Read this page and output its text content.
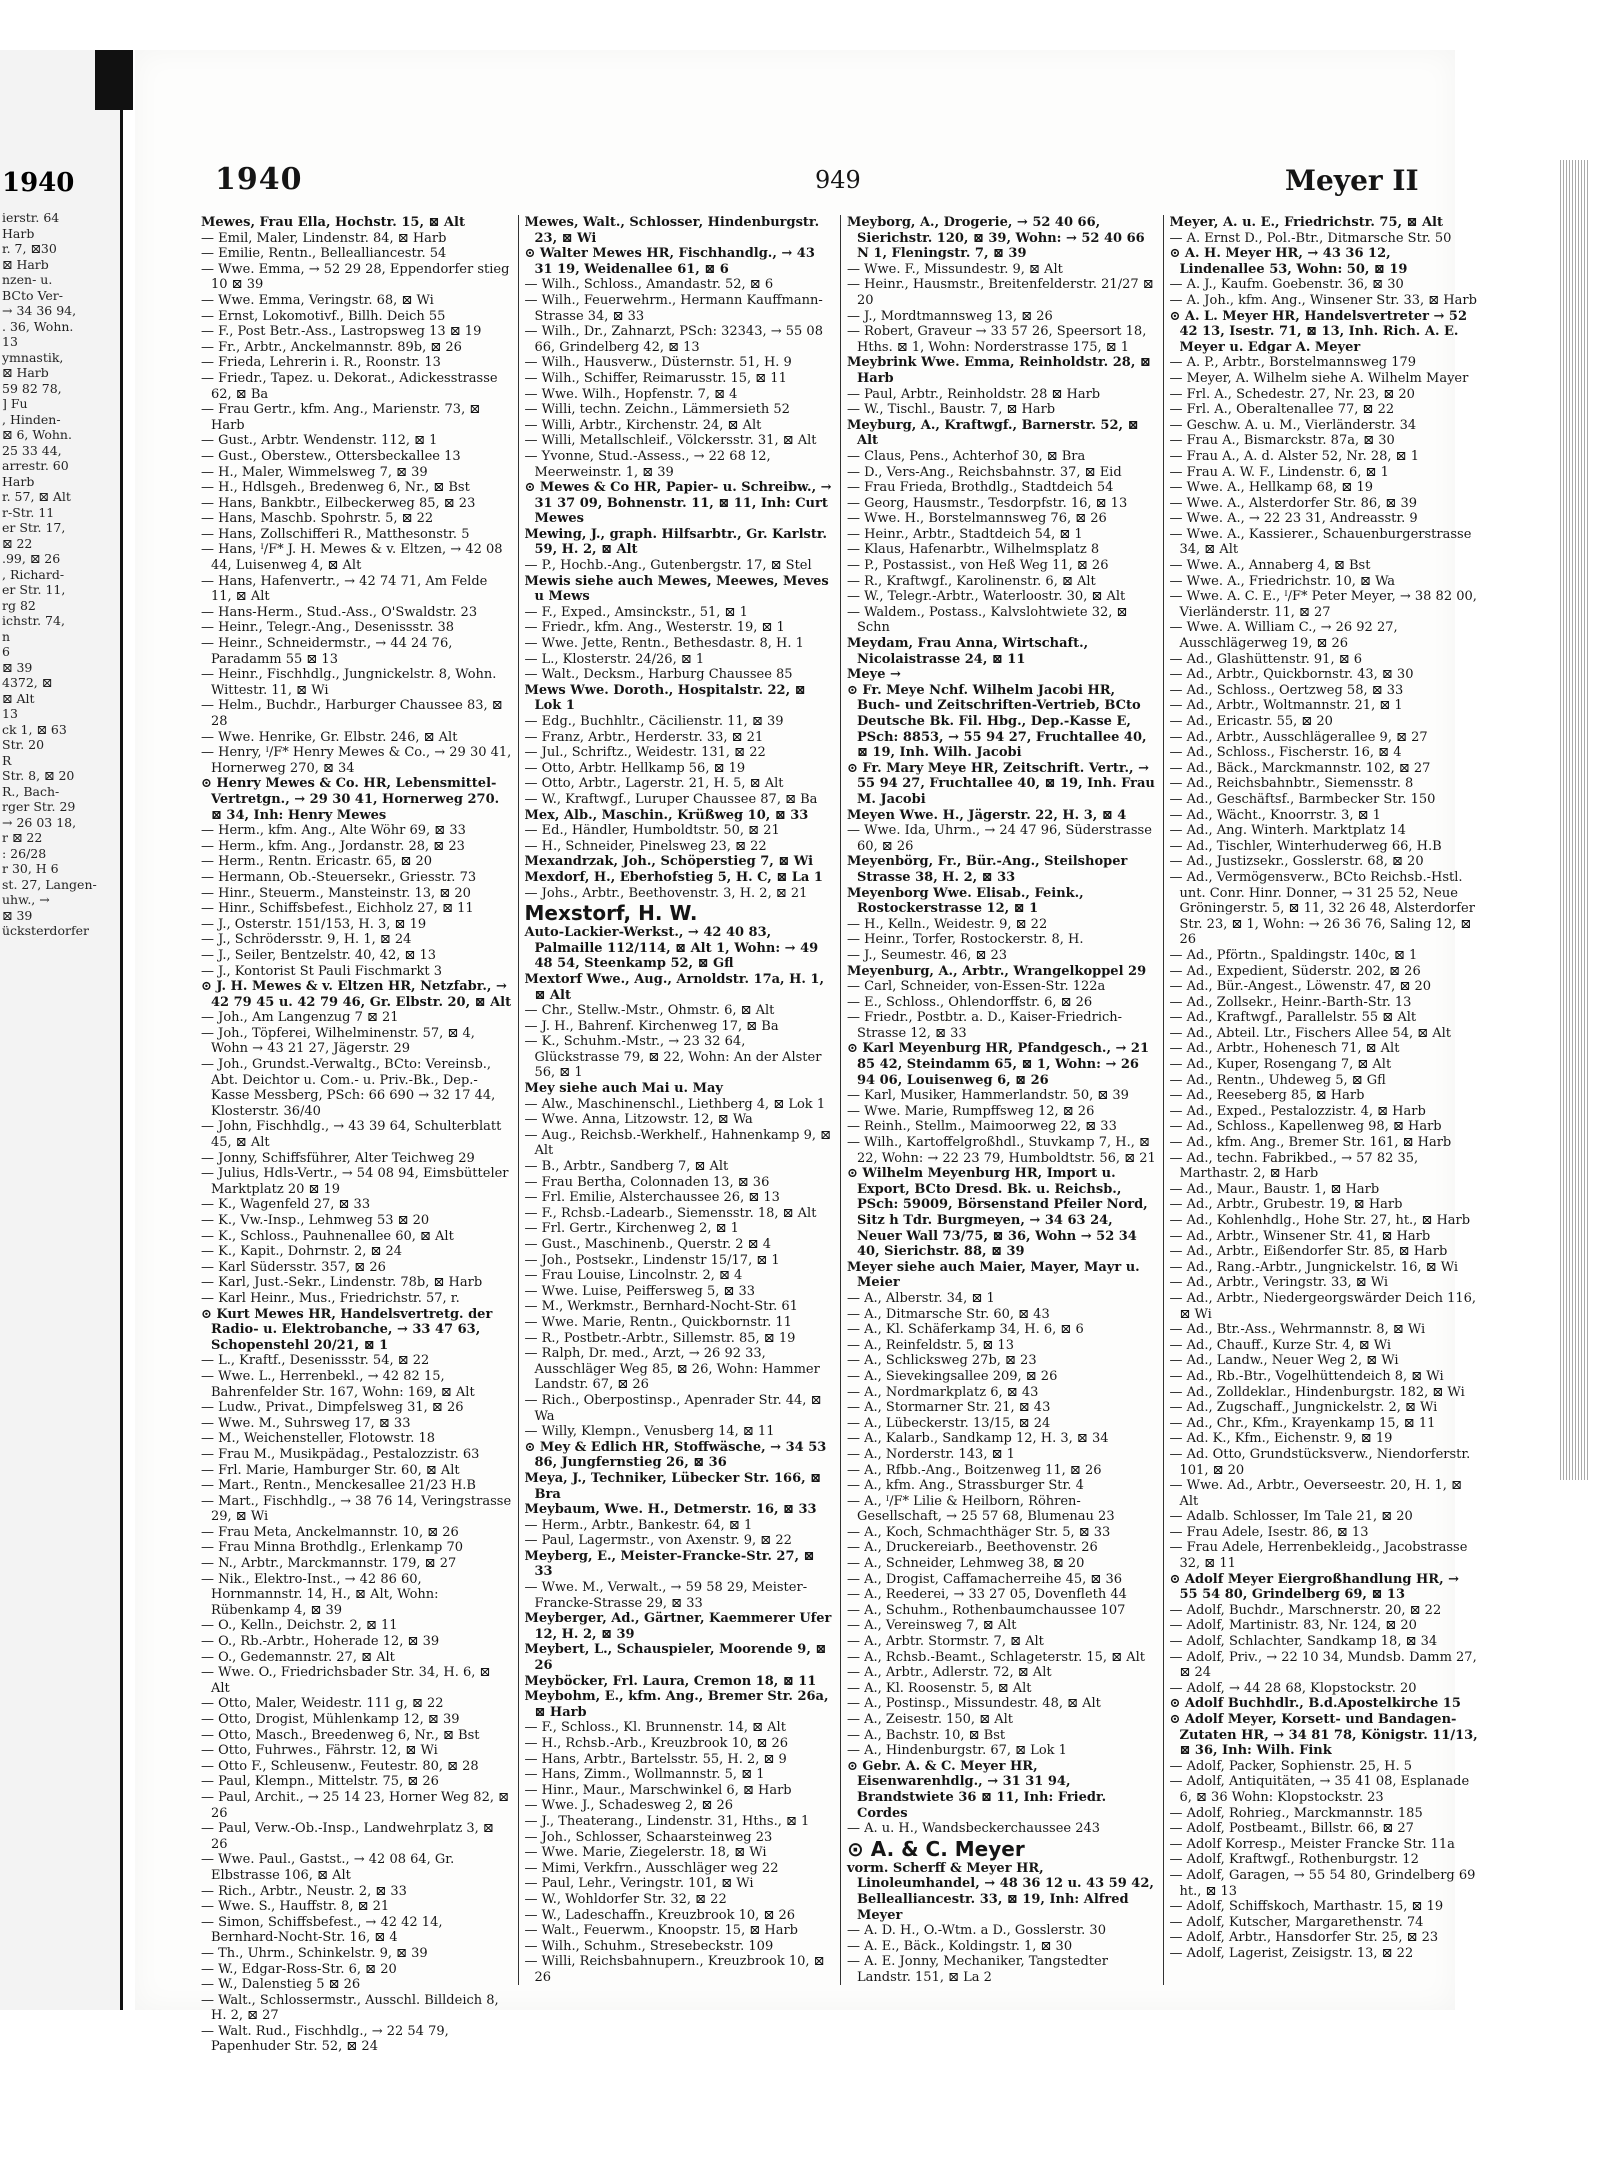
1940
ierstr. 64
Harb
r. 7, ⊠30
⊠ Harb
nzen- u.
BCto Ver-
→ 34 36 94,
. 36, Wohn.
13
ymnastik,
⊠ Harb
59 82 78,
] Fu
, Hinden-
⊠ 6, Wohn.
25 33 44,
arrestr. 60
Harb
r. 57, ⊠ Alt
r-Str. 11
er Str. 17,
⊠ 22
.99, ⊠ 26
, Richard-
er Str. 11,
rg 82
ichstr. 74,
n
6
⊠ 39
4372, ⊠
⊠ Alt
13
ck 1, ⊠ 63
Str. 20
R
Str. 8, ⊠ 20
R., Bach-
rger Str. 29
→ 26 03 18,
r ⊠ 22
: 26/28
r 30, H 6
st. 27, Langen-
uhw., →
⊠ 39
ücksterdorfer
1940	949	Meyer II
Mewes, Frau Ella, Hochstr. 15, ⊠ Alt
— Emil, Maler, Lindenstr. 84, ⊠ Harb
— Emilie, Rentn., Bellealliancestr. 54
— Wwe. Emma, → 52 29 28, Eppendorfer stieg 10 ⊠ 39
— Wwe. Emma, Veringstr. 68, ⊠ Wi
— Ernst, Lokomotivf., Billh. Deich 55
— F., Post Betr.-Ass., Lastropsweg 13 ⊠ 19
— Fr., Arbtr., Anckelmannstr. 89b, ⊠ 26
— Frieda, Lehrerin i. R., Roonstr. 13
— Friedr., Tapez. u. Dekorat., Adickesstrasse 62, ⊠ Ba
— Frau Gertr., kfm. Ang., Marienstr. 73, ⊠ Harb
— Gust., Arbtr. Wendenstr. 112, ⊠ 1
— Gust., Oberstew., Ottersbeckallee 13
— H., Maler, Wimmelsweg 7, ⊠ 39
— H., Hdlsgeh., Bredenweg 6, Nr., ⊠ Bst
— Hans, Bankbtr., Eilbeckerweg 85, ⊠ 23
— Hans, Maschb. Spohrstr. 5, ⊠ 22
— Hans, Zollschifferi R., Matthesonstr. 5
— Hans, ᴵ/F* J. H. Mewes & v. Eltzen, → 42 08 44, Luisenweg 4, ⊠ Alt
— Hans, Hafenvertr., → 42 74 71, Am Felde 11, ⊠ Alt
— Hans-Herm., Stud.-Ass., O'Swaldstr. 23
— Heinr., Telegr.-Ang., Desenissstr. 38
— Heinr., Schneidermstr., → 44 24 76, Paradamm 55 ⊠ 13
— Heinr., Fischhdlg., Jungnickelstr. 8, Wohn. Wittestr. 11, ⊠ Wi
— Helm., Buchdr., Harburger Chaussee 83, ⊠ 28
— Wwe. Henrike, Gr. Elbstr. 246, ⊠ Alt
— Henry, ᴵ/F* Henry Mewes & Co., → 29 30 41, Hornerweg 270, ⊠ 34
⊙ Henry Mewes & Co. HR, Lebensmittel-Vertretgn., → 29 30 41, Hornerweg 270. ⊠ 34, Inh: Henry Mewes
— Herm., kfm. Ang., Alte Wöhr 69, ⊠ 33
— Herm., kfm. Ang., Jordanstr. 28, ⊠ 23
— Herm., Rentn. Ericastr. 65, ⊠ 20
— Hermann, Ob.-Steuersekr., Griesstr. 73
— Hinr., Steuerm., Mansteinstr. 13, ⊠ 20
— Hinr., Schiffsbefest., Eichholz 27, ⊠ 11
— J., Osterstr. 151/153, H. 3, ⊠ 19
— J., Schrödersstr. 9, H. 1, ⊠ 24
— J., Seiler, Bentzelstr. 40, 42, ⊠ 13
— J., Kontorist St Pauli Fischmarkt 3
⊙ J. H. Mewes & v. Eltzen HR, Netzfabr., → 42 79 45 u. 42 79 46, Gr. Elbstr. 20, ⊠ Alt
— Joh., Am Langenzug 7 ⊠ 21
— Joh., Töpferei, Wilhelminenstr. 57, ⊠ 4, Wohn → 43 21 27, Jägerstr. 29
— Joh., Grundst.-Verwaltg., BCto: Vereinsb., Abt. Deichtor u. Com.- u. Priv.-Bk., Dep.-Kasse Messberg, PSch: 66 690 → 32 17 44, Klosterstr. 36/40
— John, Fischhdlg., → 43 39 64, Schulterblatt 45, ⊠ Alt
— Jonny, Schiffsführer, Alter Teichweg 29
— Julius, Hdls-Vertr., → 54 08 94, Eimsbütteler Marktplatz 20 ⊠ 19
— K., Wagenfeld 27, ⊠ 33
— K., Vw.-Insp., Lehmweg 53 ⊠ 20
— K., Schloss., Pauhnenallee 60, ⊠ Alt
— K., Kapit., Dohrnstr. 2, ⊠ 24
— Karl Südersstr. 357, ⊠ 26
— Karl, Just.-Sekr., Lindenstr. 78b, ⊠ Harb
— Karl Heinr., Mus., Friedrichstr. 57, r.
⊙ Kurt Mewes HR, Handelsvertretg. der Radio- u. Elektrobanche, → 33 47 63, Schopenstehl 20/21, ⊠ 1
— L., Kraftf., Desenissstr. 54, ⊠ 22
— Wwe. L., Herrenbekl., → 42 82 15, Bahrenfelder Str. 167, Wohn: 169, ⊠ Alt
— Ludw., Privat., Dimpfelsweg 31, ⊠ 26
— Wwe. M., Suhrsweg 17, ⊠ 33
— M., Weichensteller, Flotowstr. 18
— Frau M., Musikpädag., Pestalozzistr. 63
— Frl. Marie, Hamburger Str. 60, ⊠ Alt
— Mart., Rentn., Menckesallee 21/23 H.B
— Mart., Fischhdlg., → 38 76 14, Veringstrasse 29, ⊠ Wi
— Frau Meta, Anckelmannstr. 10, ⊠ 26
— Frau Minna Brothdlg., Erlenkamp 70
— N., Arbtr., Marckmannstr. 179, ⊠ 27
— Nik., Elektro-Inst., → 42 86 60, Hornmannstr. 14, H., ⊠ Alt, Wohn: Rübenkamp 4, ⊠ 39
— O., Kelln., Deichstr. 2, ⊠ 11
— O., Rb.-Arbtr., Hoherade 12, ⊠ 39
— O., Gedemannstr. 27, ⊠ Alt
— Wwe. O., Friedrichsbader Str. 34, H. 6, ⊠ Alt
— Otto, Maler, Weidestr. 111 g, ⊠ 22
— Otto, Drogist, Mühlenkamp 12, ⊠ 39
— Otto, Masch., Breedenweg 6, Nr., ⊠ Bst
— Otto, Fuhrwes., Fährstr. 12, ⊠ Wi
— Otto F., Schleusenw., Feutestr. 80, ⊠ 28
— Paul, Klempn., Mittelstr. 75, ⊠ 26
— Paul, Archit., → 25 14 23, Horner Weg 82, ⊠ 26
— Paul, Verw.-Ob.-Insp., Landwehrplatz 3, ⊠ 26
— Wwe. Paul., Gastst., → 42 08 64, Gr. Elbstrasse 106, ⊠ Alt
— Rich., Arbtr., Neustr. 2, ⊠ 33
— Wwe. S., Hauffstr. 8, ⊠ 21
— Simon, Schiffsbefest., → 42 42 14, Bernhard-Nocht-Str. 16, ⊠ 4
— Th., Uhrm., Schinkelstr. 9, ⊠ 39
— W., Edgar-Ross-Str. 6, ⊠ 20
— W., Dalenstieg 5 ⊠ 26
— Walt., Schlossermstr., Ausschl. Billdeich 8, H. 2, ⊠ 27
— Walt. Rud., Fischhdlg., → 22 54 79, Papenhuder Str. 52, ⊠ 24
Mewes, Walt., Schlosser, Hindenburgstr. 23, ⊠ Wi
⊙ Walter Mewes HR, Fischhandlg., → 43 31 19, Weidenallee 61, ⊠ 6
— Wilh., Schloss., Amandastr. 52, ⊠ 6
— Wilh., Feuerwehrm., Hermann Kauffmann-Strasse 34, ⊠ 33
— Wilh., Dr., Zahnarzt, PSch: 32343, → 55 08 66, Grindelberg 42, ⊠ 13
— Wilh., Hausverw., Düsternstr. 51, H. 9
— Wilh., Schiffer, Reimarusstr. 15, ⊠ 11
— Wwe. Wilh., Hopfenstr. 7, ⊠ 4
— Willi, techn. Zeichn., Lämmersieth 52
— Willi, Arbtr., Kirchenstr. 24, ⊠ Alt
— Willi, Metallschleif., Völckersstr. 31, ⊠ Alt
— Yvonne, Stud.-Assess., → 22 68 12, Meerweinstr. 1, ⊠ 39
⊙ Mewes & Co HR, Papier- u. Schreibw., → 31 37 09, Bohnenstr. 11, ⊠ 11, Inh: Curt Mewes
Mewing, J., graph. Hilfsarbtr., Gr. Karlstr. 59, H. 2, ⊠ Alt
— P., Hochb.-Ang., Gutenbergstr. 17, ⊠ Stel
Mewis siehe auch Mewes, Meewes, Meves u Mews
— F., Exped., Amsinckstr., 51, ⊠ 1
— Friedr., kfm. Ang., Westerstr. 19, ⊠ 1
— Wwe. Jette, Rentn., Bethesdastr. 8, H. 1
— L., Klosterstr. 24/26, ⊠ 1
— Walt., Decksm., Harburg Chaussee 85
Mews Wwe. Doroth., Hospitalstr. 22, ⊠ Lok 1
— Edg., Buchhltr., Cäcilienstr. 11, ⊠ 39
— Franz, Arbtr., Herderstr. 33, ⊠ 21
— Jul., Schriftz., Weidestr. 131, ⊠ 22
— Otto, Arbtr. Hellkamp 56, ⊠ 19
— Otto, Arbtr., Lagerstr. 21, H. 5, ⊠ Alt
— W., Kraftwgf., Luruper Chaussee 87, ⊠ Ba
Mex, Alb., Maschin., Krüßweg 10, ⊠ 33
— Ed., Händler, Humboldtstr. 50, ⊠ 21
— H., Schneider, Pinelsweg 23, ⊠ 22
Mexandrzak, Joh., Schöperstieg 7, ⊠ Wi
Mexdorf, H., Eberhofstieg 5, H. C, ⊠ La 1
— Johs., Arbtr., Beethovenstr. 3, H. 2, ⊠ 21
Mexstorf, H. W.
Auto-Lackier-Werkst., → 42 40 83, Palmaille 112/114, ⊠ Alt 1, Wohn: → 49 48 54, Steenkamp 52, ⊠ Gfl
Mextorf Wwe., Aug., Arnoldstr. 17a, H. 1, ⊠ Alt
— Chr., Stellw.-Mstr., Ohmstr. 6, ⊠ Alt
— J. H., Bahrenf. Kirchenweg 17, ⊠ Ba
— K., Schuhm.-Mstr., → 23 32 64, Glückstrasse 79, ⊠ 22, Wohn: An der Alster 56, ⊠ 1
Mey siehe auch Mai u. May
— Alw., Maschinenschl., Liethberg 4, ⊠ Lok 1
— Wwe. Anna, Litzowstr. 12, ⊠ Wa
— Aug., Reichsb.-Werkhelf., Hahnenkamp 9, ⊠ Alt
— B., Arbtr., Sandberg 7, ⊠ Alt
— Frau Bertha, Colonnaden 13, ⊠ 36
— Frl. Emilie, Alsterchaussee 26, ⊠ 13
— F., Rchsb.-Ladearb., Siemensstr. 18, ⊠ Alt
— Frl. Gertr., Kirchenweg 2, ⊠ 1
— Gust., Maschinenb., Querstr. 2 ⊠ 4
— Joh., Postsekr., Lindenstr 15/17, ⊠ 1
— Frau Louise, Lincolnstr. 2, ⊠ 4
— Wwe. Luise, Peiffersweg 5, ⊠ 33
— M., Werkmstr., Bernhard-Nocht-Str. 61
— Wwe. Marie, Rentn., Quickbornstr. 11
— R., Postbetr.-Arbtr., Sillemstr. 85, ⊠ 19
— Ralph, Dr. med., Arzt, → 26 92 33, Ausschläger Weg 85, ⊠ 26, Wohn: Hammer Landstr. 67, ⊠ 26
— Rich., Oberpostinsp., Apenrader Str. 44, ⊠ Wa
— Willy, Klempn., Venusberg 14, ⊠ 11
⊙ Mey & Edlich HR, Stoffwäsche, → 34 53 86, Jungfernstieg 26, ⊠ 36
Meya, J., Techniker, Lübecker Str. 166, ⊠ Bra
Meybaum, Wwe. H., Detmerstr. 16, ⊠ 33
— Herm., Arbtr., Bankestr. 64, ⊠ 1
— Paul, Lagermstr., von Axenstr. 9, ⊠ 22
Meyberg, E., Meister-Francke-Str. 27, ⊠ 33
— Wwe. M., Verwalt., → 59 58 29, Meister-Francke-Strasse 29, ⊠ 33
Meyberger, Ad., Gärtner, Kaemmerer Ufer 12, H. 2, ⊠ 39
Meybert, L., Schauspieler, Moorende 9, ⊠ 26
Meyböcker, Frl. Laura, Cremon 18, ⊠ 11
Meybohm, E., kfm. Ang., Bremer Str. 26a, ⊠ Harb
— F., Schloss., Kl. Brunnenstr. 14, ⊠ Alt
— H., Rchsb.-Arb., Kreuzbrook 10, ⊠ 26
— Hans, Arbtr., Bartelsstr. 55, H. 2, ⊠ 9
— Hans, Zimm., Wollmannstr. 5, ⊠ 1
— Hinr., Maur., Marschwinkel 6, ⊠ Harb
— Wwe. J., Schadesweg 2, ⊠ 26
— J., Theaterang., Lindenstr. 31, Hths., ⊠ 1
— Joh., Schlosser, Schaarsteinweg 23
— Wwe. Marie, Ziegelerstr. 18, ⊠ Wi
— Mimi, Verkfrn., Ausschläger weg 22
— Paul, Lehr., Veringstr. 101, ⊠ Wi
— W., Wohldorfer Str. 32, ⊠ 22
— W., Ladeschaffn., Kreuzbrook 10, ⊠ 26
— Walt., Feuerwm., Knoopstr. 15, ⊠ Harb
— Wilh., Schuhm., Stresebeckstr. 109
— Willi, Reichsbahnupern., Kreuzbrook 10, ⊠ 26
Meyborg, A., Drogerie, → 52 40 66, Sierichstr. 120, ⊠ 39, Wohn: → 52 40 66 N 1, Fleningstr. 7, ⊠ 39
— Wwe. F., Missundestr. 9, ⊠ Alt
— Heinr., Hausmstr., Breitenfelderstr. 21/27 ⊠ 20
— J., Mordtmannsweg 13, ⊠ 26
— Robert, Graveur → 33 57 26, Speersort 18, Hths. ⊠ 1, Wohn: Norderstrasse 175, ⊠ 1
Meybrink Wwe. Emma, Reinholdstr. 28, ⊠ Harb
— Paul, Arbtr., Reinholdstr. 28 ⊠ Harb
— W., Tischl., Baustr. 7, ⊠ Harb
Meyburg, A., Kraftwgf., Barnerstr. 52, ⊠ Alt
— Claus, Pens., Achterhof 30, ⊠ Bra
— D., Vers-Ang., Reichsbahnstr. 37, ⊠ Eid
— Frau Frieda, Brothdlg., Stadtdeich 54
— Georg, Hausmstr., Tesdorpfstr. 16, ⊠ 13
— Wwe. H., Borstelmannsweg 76, ⊠ 26
— Heinr., Arbtr., Stadtdeich 54, ⊠ 1
— Klaus, Hafenarbtr., Wilhelmsplatz 8
— P., Postassist., von Heß Weg 11, ⊠ 26
— R., Kraftwgf., Karolinenstr. 6, ⊠ Alt
— W., Telegr.-Arbtr., Waterloostr. 30, ⊠ Alt
— Waldem., Postass., Kalvslohtwiete 32, ⊠ Schn
Meydam, Frau Anna, Wirtschaft., Nicolaistrasse 24, ⊠ 11
Meye →
⊙ Fr. Meye Nchf. Wilhelm Jacobi HR, Buch- und Zeitschriften-Vertrieb, BCto Deutsche Bk. Fil. Hbg., Dep.-Kasse E, PSch: 8853, → 55 94 27, Fruchtallee 40, ⊠ 19, Inh. Wilh. Jacobi
⊙ Fr. Mary Meye HR, Zeitschrift. Vertr., → 55 94 27, Fruchtallee 40, ⊠ 19, Inh. Frau M. Jacobi
Meyen Wwe. H., Jägerstr. 22, H. 3, ⊠ 4
— Wwe. Ida, Uhrm., → 24 47 96, Süderstrasse 60, ⊠ 26
Meyenbörg, Fr., Bür.-Ang., Steilshoper Strasse 38, H. 2, ⊠ 33
Meyenborg Wwe. Elisab., Feink., Rostockerstrasse 12, ⊠ 1
— H., Kelln., Weidestr. 9, ⊠ 22
— Heinr., Torfer, Rostockerstr. 8, H.
— J., Seumestr. 46, ⊠ 23
Meyenburg, A., Arbtr., Wrangelkoppel 29
— Carl, Schneider, von-Essen-Str. 122a
— E., Schloss., Ohlendorffstr. 6, ⊠ 26
— Friedr., Postbtr. a. D., Kaiser-Friedrich-Strasse 12, ⊠ 33
⊙ Karl Meyenburg HR, Pfandgesch., → 21 85 42, Steindamm 65, ⊠ 1, Wohn: → 26 94 06, Louisenweg 6, ⊠ 26
— Karl, Musiker, Hammerlandstr. 50, ⊠ 39
— Wwe. Marie, Rumpffsweg 12, ⊠ 26
— Reinh., Stellm., Maimoorweg 22, ⊠ 33
— Wilh., Kartoffelgroßhdl., Stuvkamp 7, H., ⊠ 22, Wohn: → 22 23 79, Humboldtstr. 56, ⊠ 21
⊙ Wilhelm Meyenburg HR, Import u. Export, BCto Dresd. Bk. u. Reichsb., PSch: 59009, Börsenstand Pfeiler Nord, Sitz h Tdr. Burgmeyen, → 34 63 24, Neuer Wall 73/75, ⊠ 36, Wohn → 52 34 40, Sierichstr. 88, ⊠ 39
Meyer siehe auch Maier, Mayer, Mayr u. Meier
— A., Alberstr. 34, ⊠ 1
— A., Ditmarsche Str. 60, ⊠ 43
— A., Kl. Schäferkamp 34, H. 6, ⊠ 6
— A., Reinfeldstr. 5, ⊠ 13
— A., Schlicksweg 27b, ⊠ 23
— A., Sievekingsallee 209, ⊠ 26
— A., Nordmarkplatz 6, ⊠ 43
— A., Stormarner Str. 21, ⊠ 43
— A., Lübeckerstr. 13/15, ⊠ 24
— A., Kalarb., Sandkamp 12, H. 3, ⊠ 34
— A., Norderstr. 143, ⊠ 1
— A., Rfbb.-Ang., Boitzenweg 11, ⊠ 26
— A., kfm. Ang., Strassburger Str. 4
— A., ᴵ/F* Lilie & Heilborn, Röhren-Gesellschaft, → 25 57 68, Blumenau 23
— A., Koch, Schmachthäger Str. 5, ⊠ 33
— A., Druckereiarb., Beethovenstr. 26
— A., Schneider, Lehmweg 38, ⊠ 20
— A., Drogist, Caffamacherreihe 45, ⊠ 36
— A., Reederei, → 33 27 05, Dovenfleth 44
— A., Schuhm., Rothenbaumchaussee 107
— A., Vereinsweg 7, ⊠ Alt
— A., Arbtr. Stormstr. 7, ⊠ Alt
— A., Rchsb.-Beamt., Schlageterstr. 15, ⊠ Alt
— A., Arbtr., Adlerstr. 72, ⊠ Alt
— A., Kl. Roosenstr. 5, ⊠ Alt
— A., Postinsp., Missundestr. 48, ⊠ Alt
— A., Zeisestr. 150, ⊠ Alt
— A., Bachstr. 10, ⊠ Bst
— A., Hindenburgstr. 67, ⊠ Lok 1
⊙ Gebr. A. & C. Meyer HR, Eisenwarenhdlg., → 31 31 94, Brandstwiete 36 ⊠ 11, Inh: Friedr. Cordes
— A. u. H., Wandsbeckerchaussee 243
⊙ A. & C. Meyer
vorm. Scherff & Meyer HR, Linoleumhandel, → 48 36 12 u. 43 59 42, Bellealliancestr. 33, ⊠ 19, Inh: Alfred Meyer
— A. D. H., O.-Wtm. a D., Gosslerstr. 30
— A. E., Bäck., Koldingstr. 1, ⊠ 30
— A. E. Jonny, Mechaniker, Tangstedter Landstr. 151, ⊠ La 2
Meyer, A. u. E., Friedrichstr. 75, ⊠ Alt
— A. Ernst D., Pol.-Btr., Ditmarsche Str. 50
⊙ A. H. Meyer HR, → 43 36 12, Lindenallee 53, Wohn: 50, ⊠ 19
— A. J., Kaufm. Goebenstr. 36, ⊠ 30
— A. Joh., kfm. Ang., Winsener Str. 33, ⊠ Harb
⊙ A. L. Meyer HR, Handelsvertreter → 52 42 13, Isestr. 71, ⊠ 13, Inh. Rich. A. E. Meyer u. Edgar A. Meyer
— A. P., Arbtr., Borstelmannsweg 179
— Meyer, A. Wilhelm siehe A. Wilhelm Mayer
— Frl. A., Schedestr. 27, Nr. 23, ⊠ 20
— Frl. A., Oberaltenallee 77, ⊠ 22
— Geschw. A. u. M., Vierländerstr. 34
— Frau A., Bismarckstr. 87a, ⊠ 30
— Frau A., A. d. Alster 52, Nr. 28, ⊠ 1
— Frau A. W. F., Lindenstr. 6, ⊠ 1
— Wwe. A., Hellkamp 68, ⊠ 19
— Wwe. A., Alsterdorfer Str. 86, ⊠ 39
— Wwe. A., → 22 23 31, Andreasstr. 9
— Wwe. A., Kassierer., Schauenburgerstrasse 34, ⊠ Alt
— Wwe. A., Annaberg 4, ⊠ Bst
— Wwe. A., Friedrichstr. 10, ⊠ Wa
— Wwe. A. C. E., ᴵ/F* Peter Meyer, → 38 82 00, Vierländerstr. 11, ⊠ 27
— Wwe. A. William C., → 26 92 27, Ausschlägerweg 19, ⊠ 26
— Ad., Glashüttenstr. 91, ⊠ 6
— Ad., Arbtr., Quickbornstr. 43, ⊠ 30
— Ad., Schloss., Oertzweg 58, ⊠ 33
— Ad., Arbtr., Woltmannstr. 21, ⊠ 1
— Ad., Ericastr. 55, ⊠ 20
— Ad., Arbtr., Ausschlägerallee 9, ⊠ 27
— Ad., Schloss., Fischerstr. 16, ⊠ 4
— Ad., Bäck., Marckmannstr. 102, ⊠ 27
— Ad., Reichsbahnbtr., Siemensstr. 8
— Ad., Geschäftsf., Barmbecker Str. 150
— Ad., Wächt., Knoorrstr. 3, ⊠ 1
— Ad., Ang. Winterh. Marktplatz 14
— Ad., Tischler, Winterhuderweg 66, H.B
— Ad., Justizsekr., Gosslerstr. 68, ⊠ 20
— Ad., Vermögensverw., BCto Reichsb.-Hstl. unt. Conr. Hinr. Donner, → 31 25 52, Neue Gröningerstr. 5, ⊠ 11, 32 26 48, Alsterdorfer Str. 23, ⊠ 1, Wohn: → 26 36 76, Saling 12, ⊠ 26
— Ad., Pförtn., Spaldingstr. 140c, ⊠ 1
— Ad., Expedient, Süderstr. 202, ⊠ 26
— Ad., Bür.-Angest., Löwenstr. 47, ⊠ 20
— Ad., Zollsekr., Heinr.-Barth-Str. 13
— Ad., Kraftwgf., Parallelstr. 55 ⊠ Alt
— Ad., Abteil. Ltr., Fischers Allee 54, ⊠ Alt
— Ad., Arbtr., Hohenesch 71, ⊠ Alt
— Ad., Kuper, Rosengang 7, ⊠ Alt
— Ad., Rentn., Uhdeweg 5, ⊠ Gfl
— Ad., Reeseberg 85, ⊠ Harb
— Ad., Exped., Pestalozzistr. 4, ⊠ Harb
— Ad., Schloss., Kapellenweg 98, ⊠ Harb
— Ad., kfm. Ang., Bremer Str. 161, ⊠ Harb
— Ad., techn. Fabrikbed., → 57 82 35, Marthastr. 2, ⊠ Harb
— Ad., Maur., Baustr. 1, ⊠ Harb
— Ad., Arbtr., Grubestr. 19, ⊠ Harb
— Ad., Kohlenhdlg., Hohe Str. 27, ht., ⊠ Harb
— Ad., Arbtr., Winsener Str. 41, ⊠ Harb
— Ad., Arbtr., Eißendorfer Str. 85, ⊠ Harb
— Ad., Rang.-Arbtr., Jungnickelstr. 16, ⊠ Wi
— Ad., Arbtr., Veringstr. 33, ⊠ Wi
— Ad., Arbtr., Niedergeorgswärder Deich 116, ⊠ Wi
— Ad., Btr.-Ass., Wehrmannstr. 8, ⊠ Wi
— Ad., Chauff., Kurze Str. 4, ⊠ Wi
— Ad., Landw., Neuer Weg 2, ⊠ Wi
— Ad., Rb.-Btr., Vogelhüttendeich 8, ⊠ Wi
— Ad., Zolldeklar., Hindenburgstr. 182, ⊠ Wi
— Ad., Zugschaff., Jungnickelstr. 2, ⊠ Wi
— Ad., Chr., Kfm., Krayenkamp 15, ⊠ 11
— Ad. K., Kfm., Eichenstr. 9, ⊠ 19
— Ad. Otto, Grundstücksverw., Niendorferstr. 101, ⊠ 20
— Wwe. Ad., Arbtr., Oeverseestr. 20, H. 1, ⊠ Alt
— Adalb. Schlosser, Im Tale 21, ⊠ 20
— Frau Adele, Isestr. 86, ⊠ 13
— Frau Adele, Herrenbekleidg., Jacobstrasse 32, ⊠ 11
⊙ Adolf Meyer Eiergroßhandlung HR, → 55 54 80, Grindelberg 69, ⊠ 13
— Adolf, Buchdr., Marschnerstr. 20, ⊠ 22
— Adolf, Martinistr. 83, Nr. 124, ⊠ 20
— Adolf, Schlachter, Sandkamp 18, ⊠ 34
— Adolf, Priv., → 22 10 34, Mundsb. Damm 27, ⊠ 24
— Adolf, → 44 28 68, Klopstockstr. 20
⊙ Adolf Buchhdlr., B.d.Apostelkirche 15
⊙ Adolf Meyer, Korsett- und Bandagen-Zutaten HR, → 34 81 78, Königstr. 11/13, ⊠ 36, Inh: Wilh. Fink
— Adolf, Packer, Sophienstr. 25, H. 5
— Adolf, Antiquitäten, → 35 41 08, Esplanade 6, ⊠ 36 Wohn: Klopstockstr. 23
— Adolf, Rohrieg., Marckmannstr. 185
— Adolf, Postbeamt., Billstr. 66, ⊠ 27
— Adolf Korresp., Meister Francke Str. 11a
— Adolf, Kraftwgf., Rothenburgstr. 12
— Adolf, Garagen, → 55 54 80, Grindelberg 69 ht., ⊠ 13
— Adolf, Schiffskoch, Marthastr. 15, ⊠ 19
— Adolf, Kutscher, Margarethenstr. 74
— Adolf, Arbtr., Hansdorfer Str. 25, ⊠ 23
— Adolf, Lagerist, Zeisigstr. 13, ⊠ 22
